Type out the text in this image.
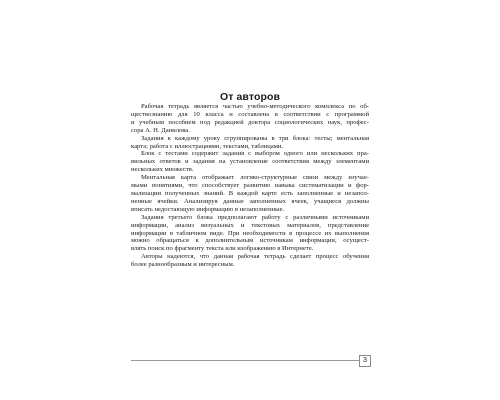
От авторов
Рабочая тетрадь является частью учебно-методического комплекса по об-
ществознанию для 10 класса и составлена в соответствии с программой
и учебным пособием под редакцией доктора социологических наук, профес-
сора А. Н. Данилова.
Задания к каждому уроку сгруппированы в три блока: тесты; ментальная
карта; работа с иллюстрациями, текстами, таблицами.
Блок с тестами содержит задания с выбором одного или нескольких пра-
вильных ответов и задания на установление соответствия между элементами
нескольких множеств.
Ментальная карта отображает логико-структурные связи между изучае-
мыми понятиями, что способствует развитию навыка систематизации и фор-
мализации полученных знаний. В каждой карте есть заполненные и незапол-
ненные ячейки. Анализируя данные заполненных ячеек, учащиеся должны
вписать недостающую информацию в незаполненные.
Задания третьего блока предполагают работу с различными источниками
информации, анализ визуальных и текстовых материалов, представление
информации в табличном виде. При необходимости в процессе их выполнения
можно обращаться к дополнительным источникам информации, осущест-
влять поиск по фрагменту текста или изображению в Интернете.
Авторы надеются, что данная рабочая тетрадь сделает процесс обучения
более разнообразным и интересным.
3
